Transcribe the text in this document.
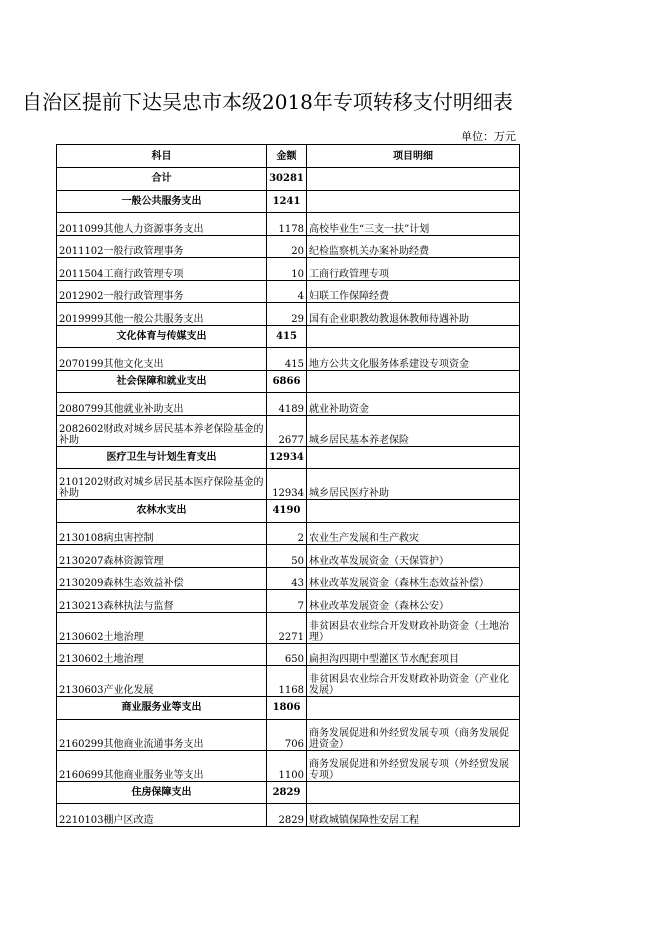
自治区提前下达吴忠市本级2018年专项转移支付明细表
单位：万元
科目	金额	项目明细
合计	30281	
一般公共服务支出	1241	
2011099其他人力资源事务支出	1178	高校毕业生“三支一扶”计划
2011102一般行政管理事务	20	纪检监察机关办案补助经费
2011504工商行政管理专项	10	工商行政管理专项
2012902一般行政管理事务	4	妇联工作保障经费
2019999其他一般公共服务支出	29	国有企业职教幼教退休教师待遇补助
文化体育与传媒支出	415	
2070199其他文化支出	415	地方公共文化服务体系建设专项资金
社会保障和就业支出	6866	
2080799其他就业补助支出	4189	就业补助资金
2082602财政对城乡居民基本养老保险基金的补助	2677	城乡居民基本养老保险
医疗卫生与计划生育支出	12934	
2101202财政对城乡居民基本医疗保险基金的补助	12934	城乡居民医疗补助
农林水支出	4190	
2130108病虫害控制	2	农业生产发展和生产救灾
2130207森林资源管理	50	林业改革发展资金（天保管护）
2130209森林生态效益补偿	43	林业改革发展资金（森林生态效益补偿）
2130213森林执法与监督	7	林业改革发展资金（森林公安）
2130602土地治理	2271	非贫困县农业综合开发财政补助资金（土地治理）
2130602土地治理	650	扁担沟四期中型灌区节水配套项目
2130603产业化发展	1168	非贫困县农业综合开发财政补助资金（产业化发展）
商业服务业等支出	1806	
2160299其他商业流通事务支出	706	商务发展促进和外经贸发展专项（商务发展促进资金）
2160699其他商业服务业等支出	1100	商务发展促进和外经贸发展专项（外经贸发展专项）
住房保障支出	2829	
2210103棚户区改造	2829	财政城镇保障性安居工程
